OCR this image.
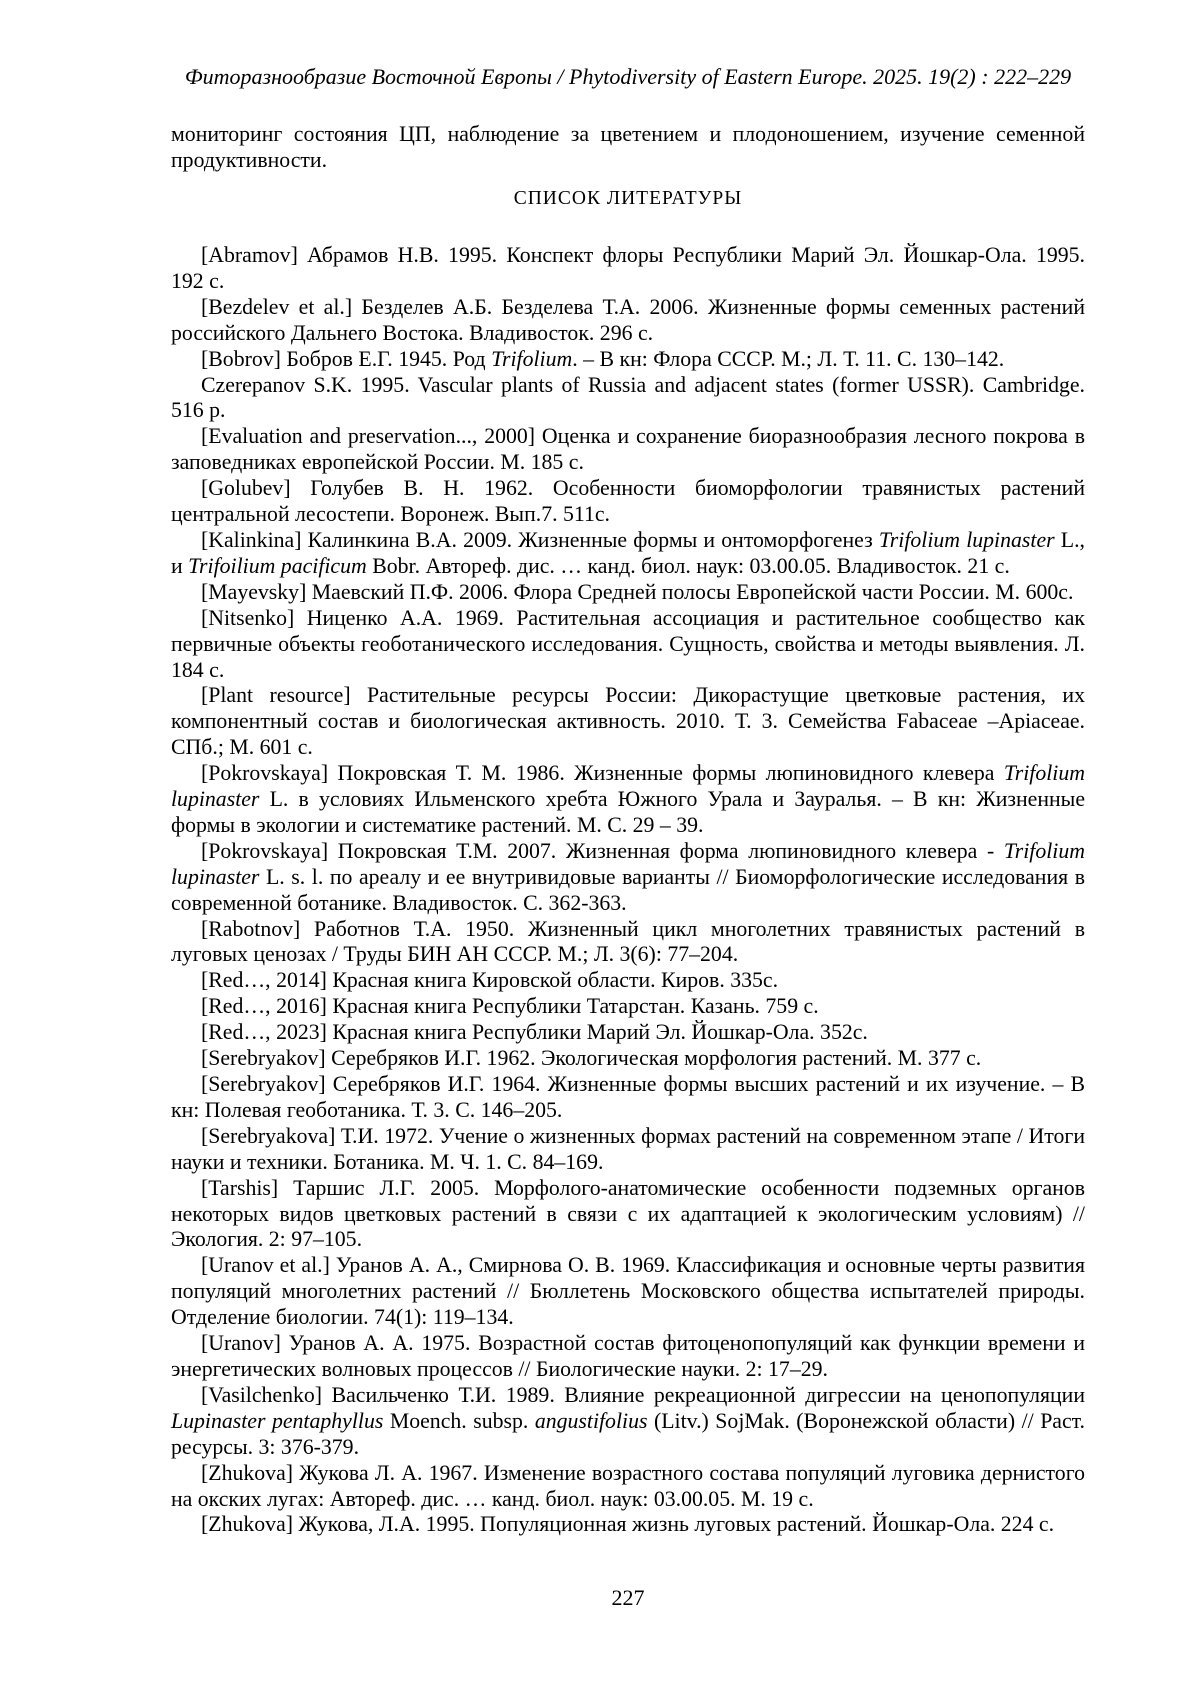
Фиторазнообразие Восточной Европы / Phytodiversity of Eastern Europe. 2025. 19(2) : 222–229
мониторинг состояния ЦП, наблюдение за цветением и плодоношением, изучение семенной продуктивности.
СПИСОК ЛИТЕРАТУРЫ

[Abramov] Абрамов Н.В. 1995. Конспект флоры Республики Марий Эл. Йошкар-Ола. 1995. 192 с.

[Bezdelev et al.] Безделев А.Б. Безделева Т.А. 2006. Жизненные формы семенных растений российского Дальнего Востока. Владивосток. 296 с.

[Bobrov] Бобров Е.Г. 1945. Род Trifolium. – В кн: Флора СССР. М.; Л. Т. 11. С. 130–142.

Czerepanov S.K. 1995. Vascular plants of Russia and adjacent states (former USSR). Cambridge. 516 p.

[Evaluation and preservation..., 2000] Оценка и сохранение биоразнообразия лесного покрова в заповедниках европейской России. М. 185 с.

[Golubev] Голубев В. Н. 1962. Особенности биоморфологии травянистых растений центральной лесостепи. Воронеж. Вып.7. 511с.

[Kalinkina] Калинкина В.А. 2009. Жизненные формы и онтоморфогенез Trifolium lupinaster L., и Trifoilium pacificum Bobr. Автореф. дис. … канд. биол. наук: 03.00.05. Владивосток. 21 с.

[Mayevsky] Маевский П.Ф. 2006. Флора Средней полосы Европейской части России. М. 600с.

[Nitsenko] Ниценко А.А. 1969. Растительная ассоциация и растительное сообщество как первичные объекты геоботанического исследования. Сущность, свойства и методы выявления. Л. 184 с.

[Plant resource] Растительные ресурсы России: Дикорастущие цветковые растения, их компонентный состав и биологическая активность. 2010. Т. 3. Семейства Fabaceae –Apiaceae. СПб.; М. 601 с.

[Pokrovskaya] Покровская Т. М. 1986. Жизненные формы люпиновидного клевера Trifolium lupinaster L. в условиях Ильменского хребта Южного Урала и Зауралья. – В кн: Жизненные формы в экологии и систематике растений. М. С. 29 – 39.

[Pokrovskaya] Покровская Т.М. 2007. Жизненная форма люпиновидного клевера - Trifolium lupinaster L. s. l. по ареалу и ее внутривидовые варианты // Биоморфологические исследования в современной ботанике. Владивосток. С. 362-363.

[Rabotnov] Работнов Т.А. 1950. Жизненный цикл многолетних травянистых растений в луговых ценозах / Труды БИН АН СССР. М.; Л. 3(6): 77–204.

[Red…, 2014] Красная книга Кировской области. Киров. 335с.

[Red…, 2016] Красная книга Республики Татарстан. Казань. 759 с.

[Red…, 2023] Красная книга Республики Марий Эл. Йошкар-Ола. 352с.

[Serebryakov] Серебряков И.Г. 1962. Экологическая морфология растений. М. 377 с.

[Serebryakov] Серебряков И.Г. 1964. Жизненные формы высших растений и их изучение. – В кн: Полевая геоботаника. Т. 3. С. 146–205.

[Serebryakova] Т.И. 1972. Учение о жизненных формах растений на современном этапе / Итоги науки и техники. Ботаника. М. Ч. 1. С. 84–169.

[Tarshis] Таршис Л.Г. 2005. Морфолого-анатомические особенности подземных органов некоторых видов цветковых растений в связи с их адаптацией к экологическим условиям) // Экология. 2: 97–105.

[Uranov et al.] Уранов А. А., Смирнова О. В. 1969. Классификация и основные черты развития популяций многолетних растений // Бюллетень Московского общества испытателей природы. Отделение биологии. 74(1): 119–134.

[Uranov] Уранов А. А. 1975. Возрастной состав фитоценопопуляций как функции времени и энергетических волновых процессов // Биологические науки. 2: 17–29.

[Vasilchenko] Васильченко Т.И. 1989. Влияние рекреационной дигрессии на ценопопуляции Lupinaster pentaphyllus Moench. subsp. angustifolius (Litv.) SojMak. (Воронежской области) // Раст. ресурсы. 3: 376-379.

[Zhukova] Жукова Л. А. 1967. Изменение возрастного состава популяций луговика дернистого на окских лугах: Автореф. дис. … канд. биол. наук: 03.00.05. М. 19 с.

[Zhukova] Жукова, Л.А. 1995. Популяционная жизнь луговых растений. Йошкар-Ола. 224 с.

227
